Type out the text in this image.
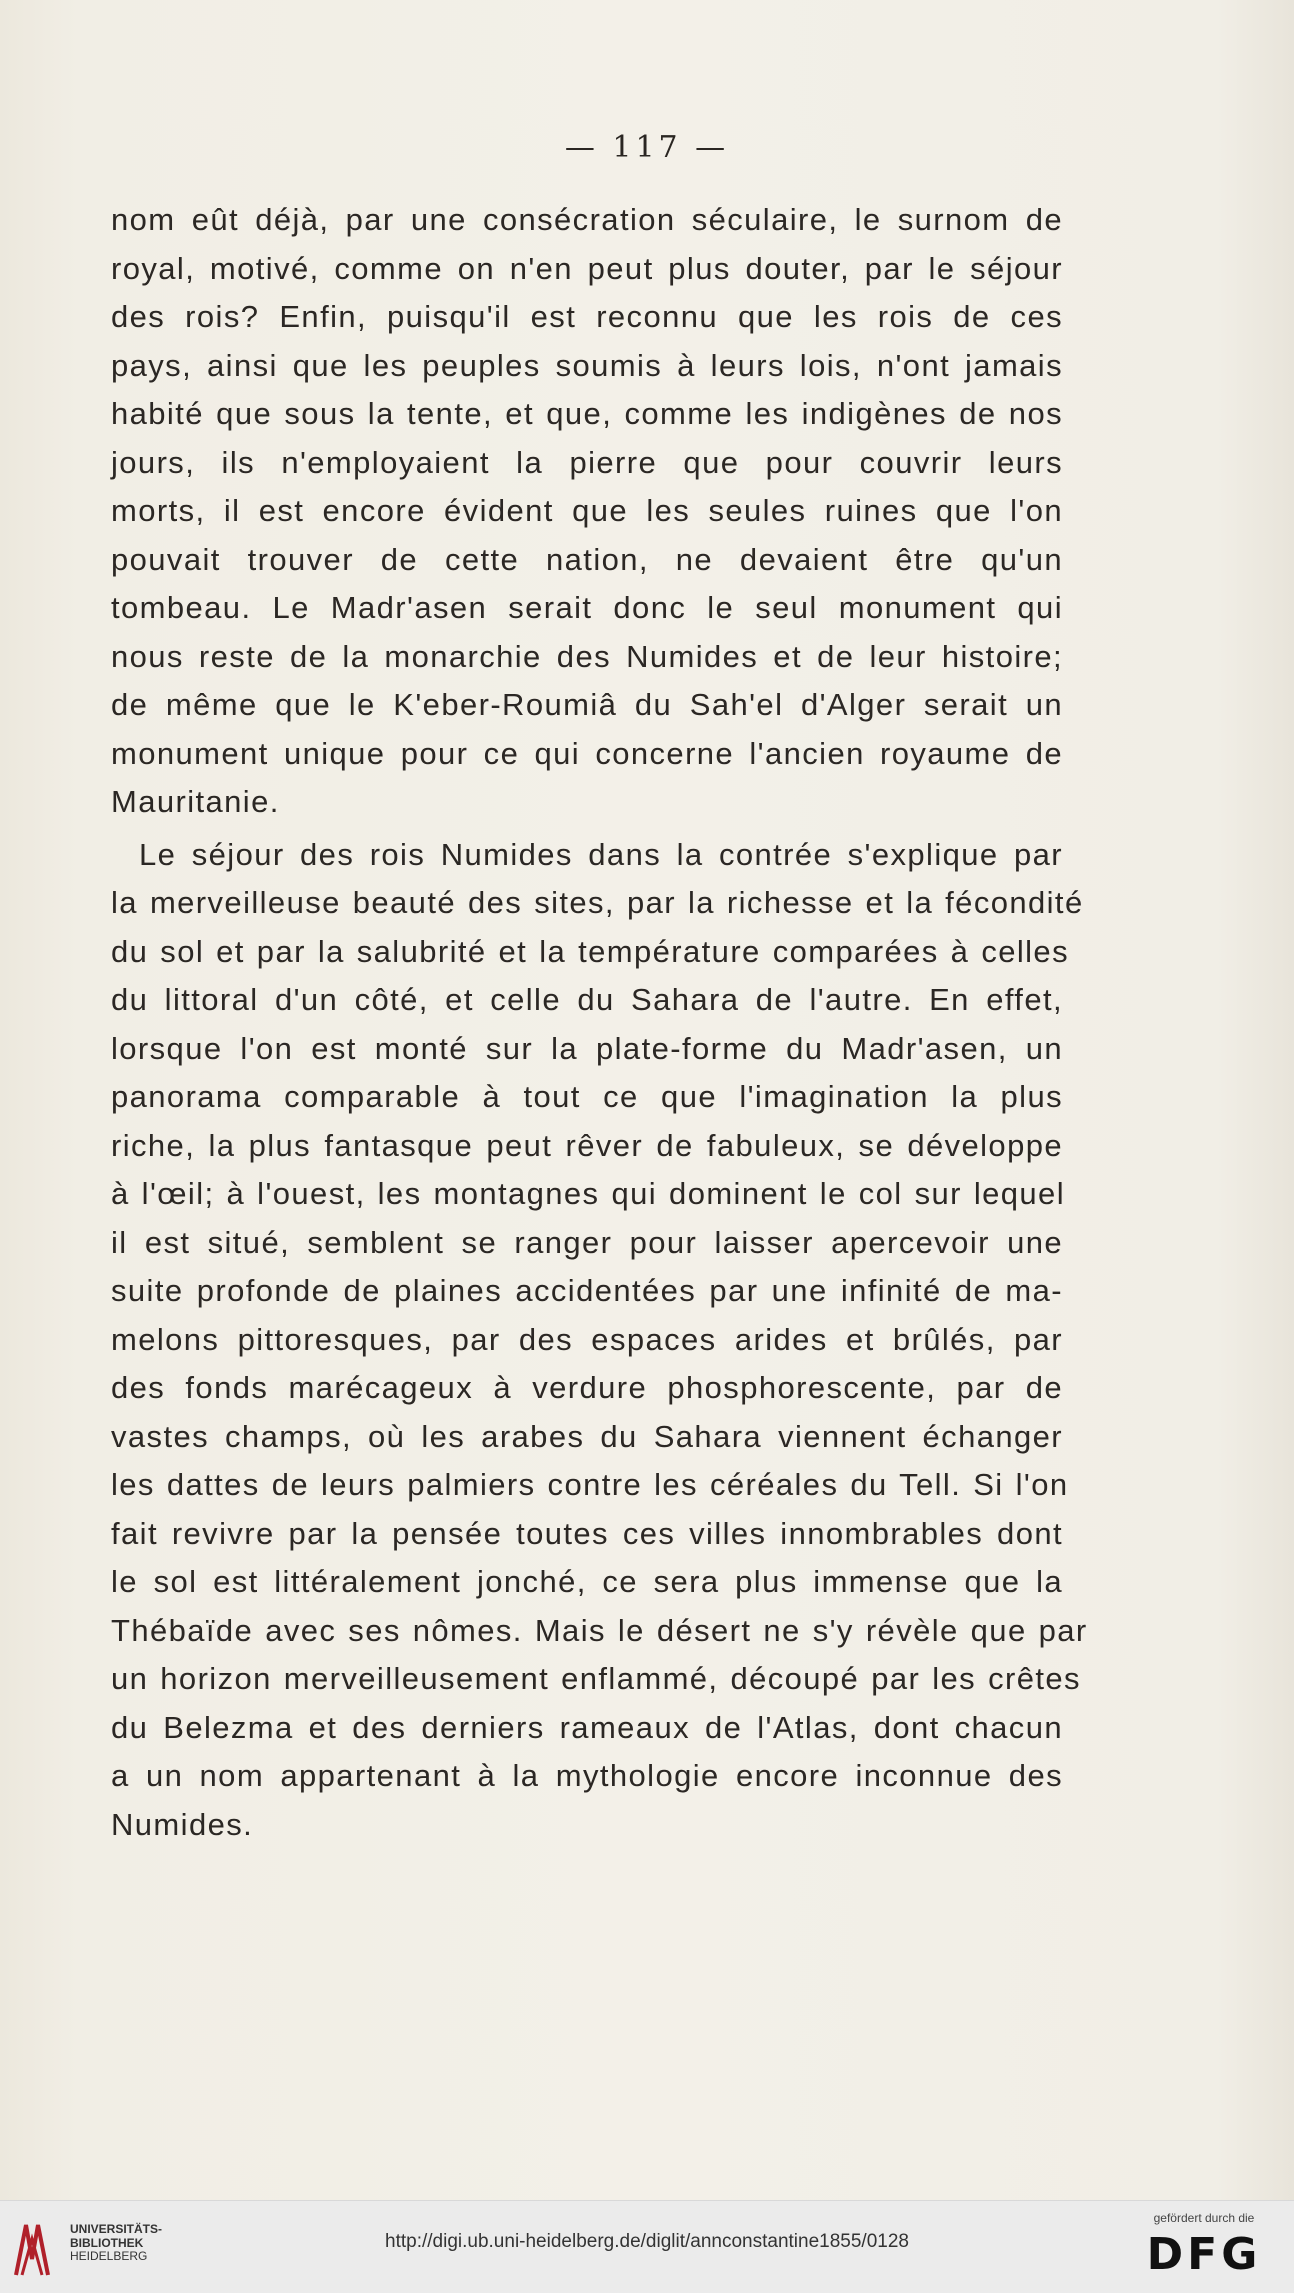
— 117 —
nom eût déjà, par une consécration séculaire, le surnom de
royal, motivé, comme on n'en peut plus douter, par le séjour
des rois? Enfin, puisqu'il est reconnu que les rois de ces
pays, ainsi que les peuples soumis à leurs lois, n'ont jamais
habité que sous la tente, et que, comme les indigènes de nos
jours, ils n'employaient la pierre que pour couvrir leurs
morts, il est encore évident que les seules ruines que l'on
pouvait trouver de cette nation, ne devaient être qu'un
tombeau. Le Madr'asen serait donc le seul monument qui
nous reste de la monarchie des Numides et de leur histoire;
de même que le K'eber-Roumiâ du Sah'el d'Alger serait un
monument unique pour ce qui concerne l'ancien royaume de
Mauritanie.
Le séjour des rois Numides dans la contrée s'explique par
la merveilleuse beauté des sites, par la richesse et la fécondité
du sol et par la salubrité et la température comparées à celles
du littoral d'un côté, et celle du Sahara de l'autre. En effet,
lorsque l'on est monté sur la plate-forme du Madr'asen, un
panorama comparable à tout ce que l'imagination la plus
riche, la plus fantasque peut rêver de fabuleux, se développe
à l'œil; à l'ouest, les montagnes qui dominent le col sur lequel
il est situé, semblent se ranger pour laisser apercevoir une
suite profonde de plaines accidentées par une infinité de ma-
melons pittoresques, par des espaces arides et brûlés, par
des fonds marécageux à verdure phosphorescente, par de
vastes champs, où les arabes du Sahara viennent échanger
les dattes de leurs palmiers contre les céréales du Tell. Si l'on
fait revivre par la pensée toutes ces villes innombrables dont
le sol est littéralement jonché, ce sera plus immense que la
Thébaïde avec ses nômes. Mais le désert ne s'y révèle que par
un horizon merveilleusement enflammé, découpé par les crêtes
du Belezma et des derniers rameaux de l'Atlas, dont chacun
a un nom appartenant à la mythologie encore inconnue des
Numides.
UNIVERSITÄTS-
BIBLIOTHEK
HEIDELBERG
http://digi.ub.uni-heidelberg.de/diglit/annconstantine1855/0128
gefördert durch die
DFG
